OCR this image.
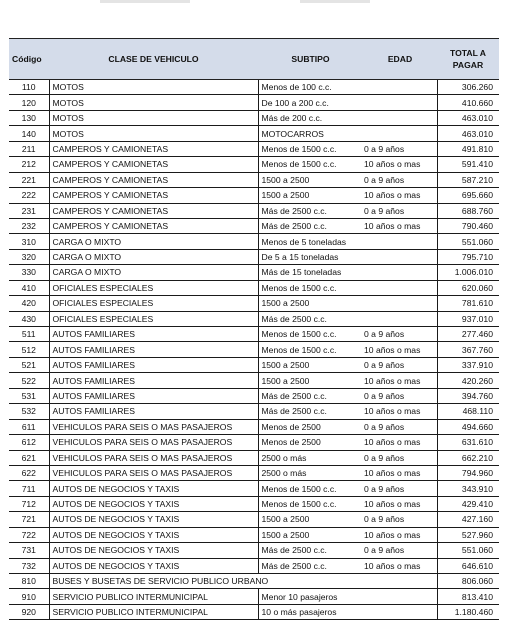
Código	CLASE DE VEHICULO	SUBTIPO	EDAD	TOTAL A PAGAR
110	MOTOS	Menos de 100 c.c.		306.260
120	MOTOS	De 100 a 200 c.c.		410.660
130	MOTOS	Más de 200 c.c.		463.010
140	MOTOS	MOTOCARROS		463.010
211	CAMPEROS Y CAMIONETAS	Menos de 1500 c.c.	0 a 9 años	491.810
212	CAMPEROS Y CAMIONETAS	Menos de 1500 c.c.	10 años o mas	591.410
221	CAMPEROS Y CAMIONETAS	1500 a 2500	0 a 9 años	587.210
222	CAMPEROS Y CAMIONETAS	1500 a 2500	10 años o mas	695.660
231	CAMPEROS Y CAMIONETAS	Más de 2500 c.c.	0 a 9 años	688.760
232	CAMPEROS Y CAMIONETAS	Más de 2500 c.c.	10 años o mas	790.460
310	CARGA O MIXTO	Menos de 5 toneladas		551.060
320	CARGA O MIXTO	De 5 a 15 toneladas		795.710
330	CARGA O MIXTO	Más de 15 toneladas		1.006.010
410	OFICIALES ESPECIALES	Menos de 1500 c.c.		620.060
420	OFICIALES ESPECIALES	1500 a 2500		781.610
430	OFICIALES ESPECIALES	Más de 2500 c.c.		937.010
511	AUTOS FAMILIARES	Menos de 1500 c.c.	0 a 9 años	277.460
512	AUTOS FAMILIARES	Menos de 1500 c.c.	10 años o mas	367.760
521	AUTOS FAMILIARES	1500 a 2500	0 a 9 años	337.910
522	AUTOS FAMILIARES	1500 a 2500	10 años o mas	420.260
531	AUTOS FAMILIARES	Más de 2500 c.c.	0 a 9 años	394.760
532	AUTOS FAMILIARES	Más de 2500 c.c.	10 años o mas	468.110
611	VEHICULOS PARA SEIS O MAS PASAJEROS	Menos de 2500	0 a 9 años	494.660
612	VEHICULOS PARA SEIS O MAS PASAJEROS	Menos de 2500	10 años o mas	631.610
621	VEHICULOS PARA SEIS O MAS PASAJEROS	2500 o más	0 a 9 años	662.210
622	VEHICULOS PARA SEIS O MAS PASAJEROS	2500 o más	10 años o mas	794.960
711	AUTOS DE NEGOCIOS Y TAXIS	Menos de 1500 c.c.	0 a 9 años	343.910
712	AUTOS DE NEGOCIOS Y TAXIS	Menos de 1500 c.c.	10 años o mas	429.410
721	AUTOS DE NEGOCIOS Y TAXIS	1500 a 2500	0 a 9 años	427.160
722	AUTOS DE NEGOCIOS Y TAXIS	1500 a 2500	10 años o mas	527.960
731	AUTOS DE NEGOCIOS Y TAXIS	Más de 2500 c.c.	0 a 9 años	551.060
732	AUTOS DE NEGOCIOS Y TAXIS	Más de 2500 c.c.	10 años o mas	646.610
810	BUSES Y BUSETAS DE SERVICIO PUBLICO URBANO			806.060
910	SERVICIO PUBLICO INTERMUNICIPAL	Menor 10 pasajeros		813.410
920	SERVICIO PUBLICO INTERMUNICIPAL	10 o más pasajeros		1.180.460
